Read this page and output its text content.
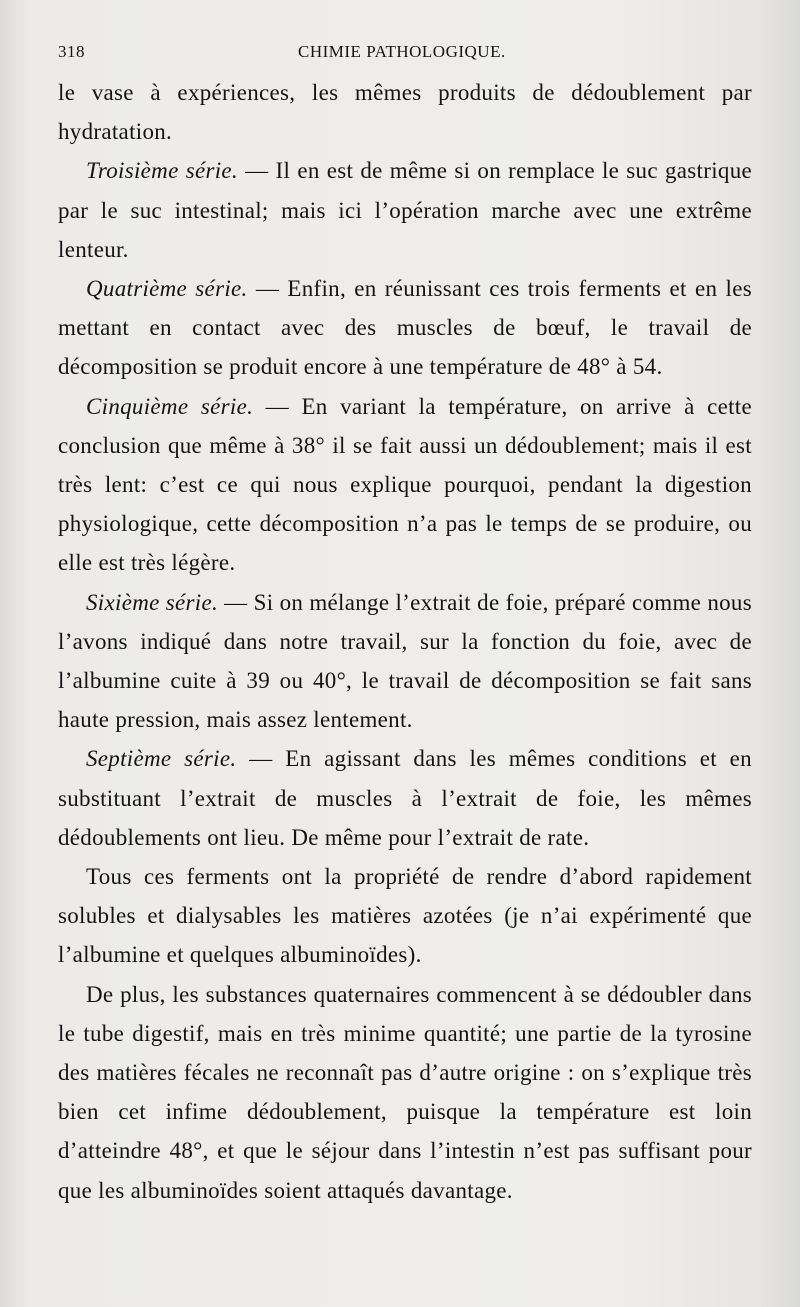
318	CHIMIE PATHOLOGIQUE.

le vase à expériences, les mêmes produits de dédoublement par hydratation.

Troisième série. — Il en est de même si on remplace le suc gastrique par le suc intestinal; mais ici l’opération marche avec une extrême lenteur.

Quatrième série. — Enfin, en réunissant ces trois ferments et en les mettant en contact avec des muscles de bœuf, le travail de décomposition se produit encore à une température de 48° à 54.

Cinquième série. — En variant la température, on arrive à cette conclusion que même à 38° il se fait aussi un dédoublement; mais il est très lent: c’est ce qui nous explique pourquoi, pendant la digestion physiologique, cette décomposition n’a pas le temps de se produire, ou elle est très légère.

Sixième série. — Si on mélange l’extrait de foie, préparé comme nous l’avons indiqué dans notre travail, sur la fonction du foie, avec de l’albumine cuite à 39 ou 40°, le travail de décomposition se fait sans haute pression, mais assez lentement.

Septième série. — En agissant dans les mêmes conditions et en substituant l’extrait de muscles à l’extrait de foie, les mêmes dédoublements ont lieu. De même pour l’extrait de rate.

Tous ces ferments ont la propriété de rendre d’abord rapidement solubles et dialysables les matières azotées (je n’ai expérimenté que l’albumine et quelques albuminoïdes).

De plus, les substances quaternaires commencent à se dédoubler dans le tube digestif, mais en très minime quantité; une partie de la tyrosine des matières fécales ne reconnaît pas d’autre origine : on s’explique très bien cet infime dédoublement, puisque la température est loin d’atteindre 48°, et que le séjour dans l’intestin n’est pas suffisant pour que les albuminoïdes soient attaqués davantage.
